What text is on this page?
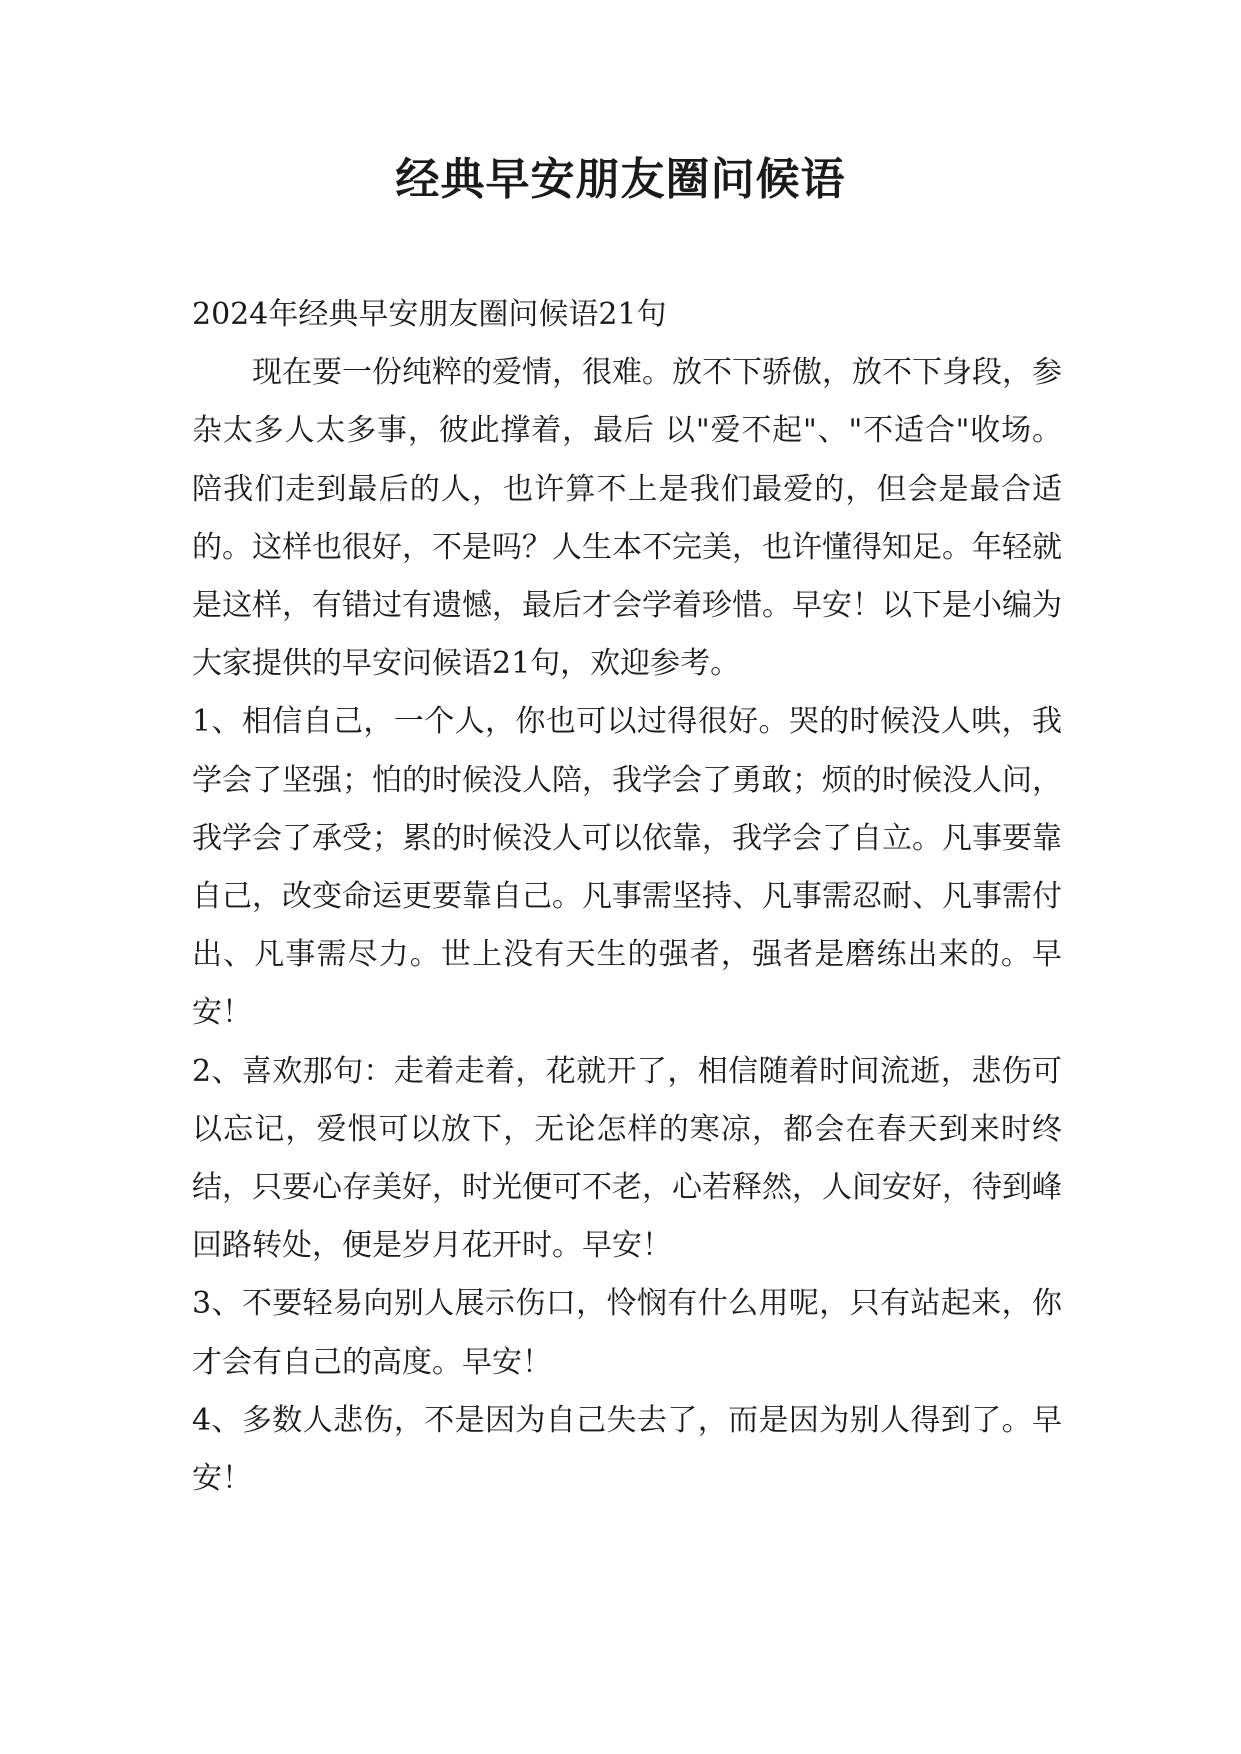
经典早安朋友圈问候语

2024年经典早安朋友圈问候语21句

现在要一份纯粹的爱情，很难。放不下骄傲，放不下身段，参杂太多人太多事，彼此撑着，最后 以"爱不起"、"不适合"收场。陪我们走到最后的人，也许算不上是我们最爱的，但会是最合适的。这样也很好，不是吗？人生本不完美，也许懂得知足。年轻就是这样，有错过有遗憾，最后才会学着珍惜。早安！以下是小编为大家提供的早安问候语21句，欢迎参考。

1、相信自己，一个人，你也可以过得很好。哭的时候没人哄，我学会了坚强；怕的时候没人陪，我学会了勇敢；烦的时候没人问，我学会了承受；累的时候没人可以依靠，我学会了自立。凡事要靠自己，改变命运更要靠自己。凡事需坚持、凡事需忍耐、凡事需付出、凡事需尽力。世上没有天生的强者，强者是磨练出来的。早安！

2、喜欢那句：走着走着，花就开了，相信随着时间流逝，悲伤可以忘记，爱恨可以放下，无论怎样的寒凉，都会在春天到来时终结，只要心存美好，时光便可不老，心若释然，人间安好，待到峰回路转处，便是岁月花开时。早安！

3、不要轻易向别人展示伤口，怜悯有什么用呢，只有站起来，你才会有自己的高度。早安！

4、多数人悲伤，不是因为自己失去了，而是因为别人得到了。早安！
